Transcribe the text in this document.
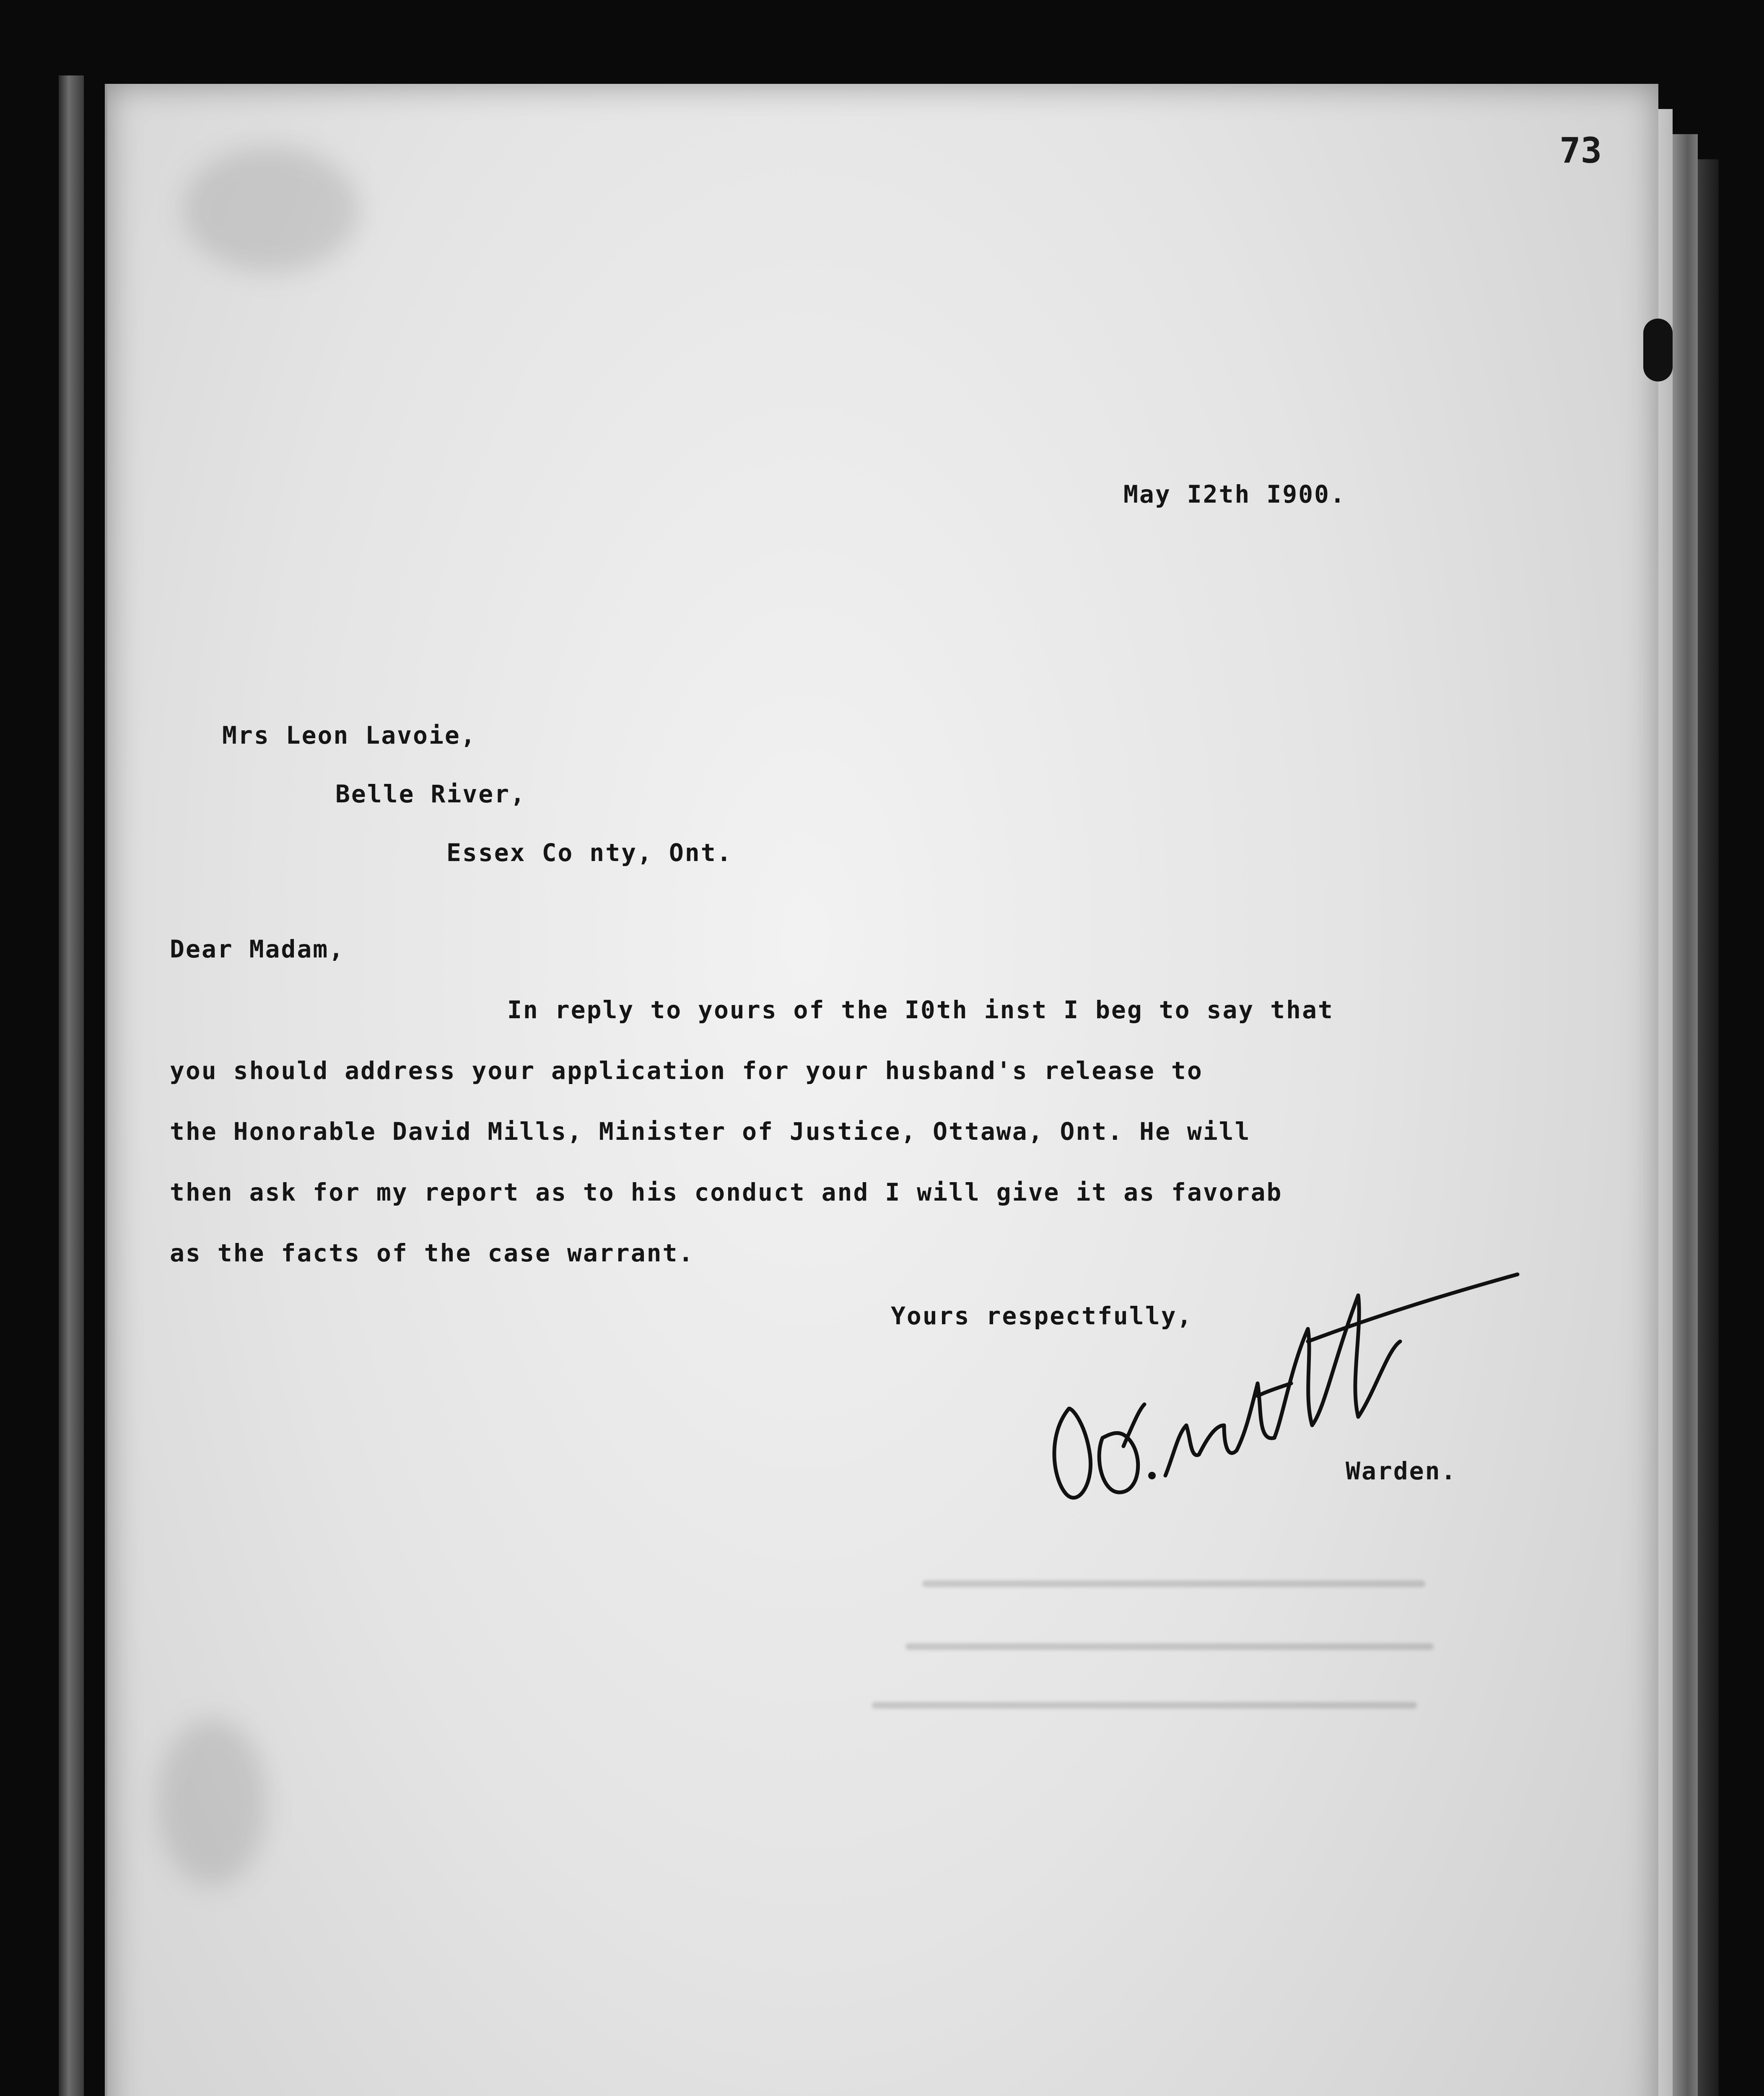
73
May I2th I900.
Mrs Leon Lavoie,
Belle River,
Essex Co nty, Ont.
Dear Madam,
In reply to yours of the I0th inst I beg to say that
you should address your application for your husband's release to
the Honorable David Mills, Minister of Justice, Ottawa, Ont. He will
then ask for my report as to his conduct and I will give it as favorab
as the facts of the case warrant.
Yours respectfully,
Warden.
